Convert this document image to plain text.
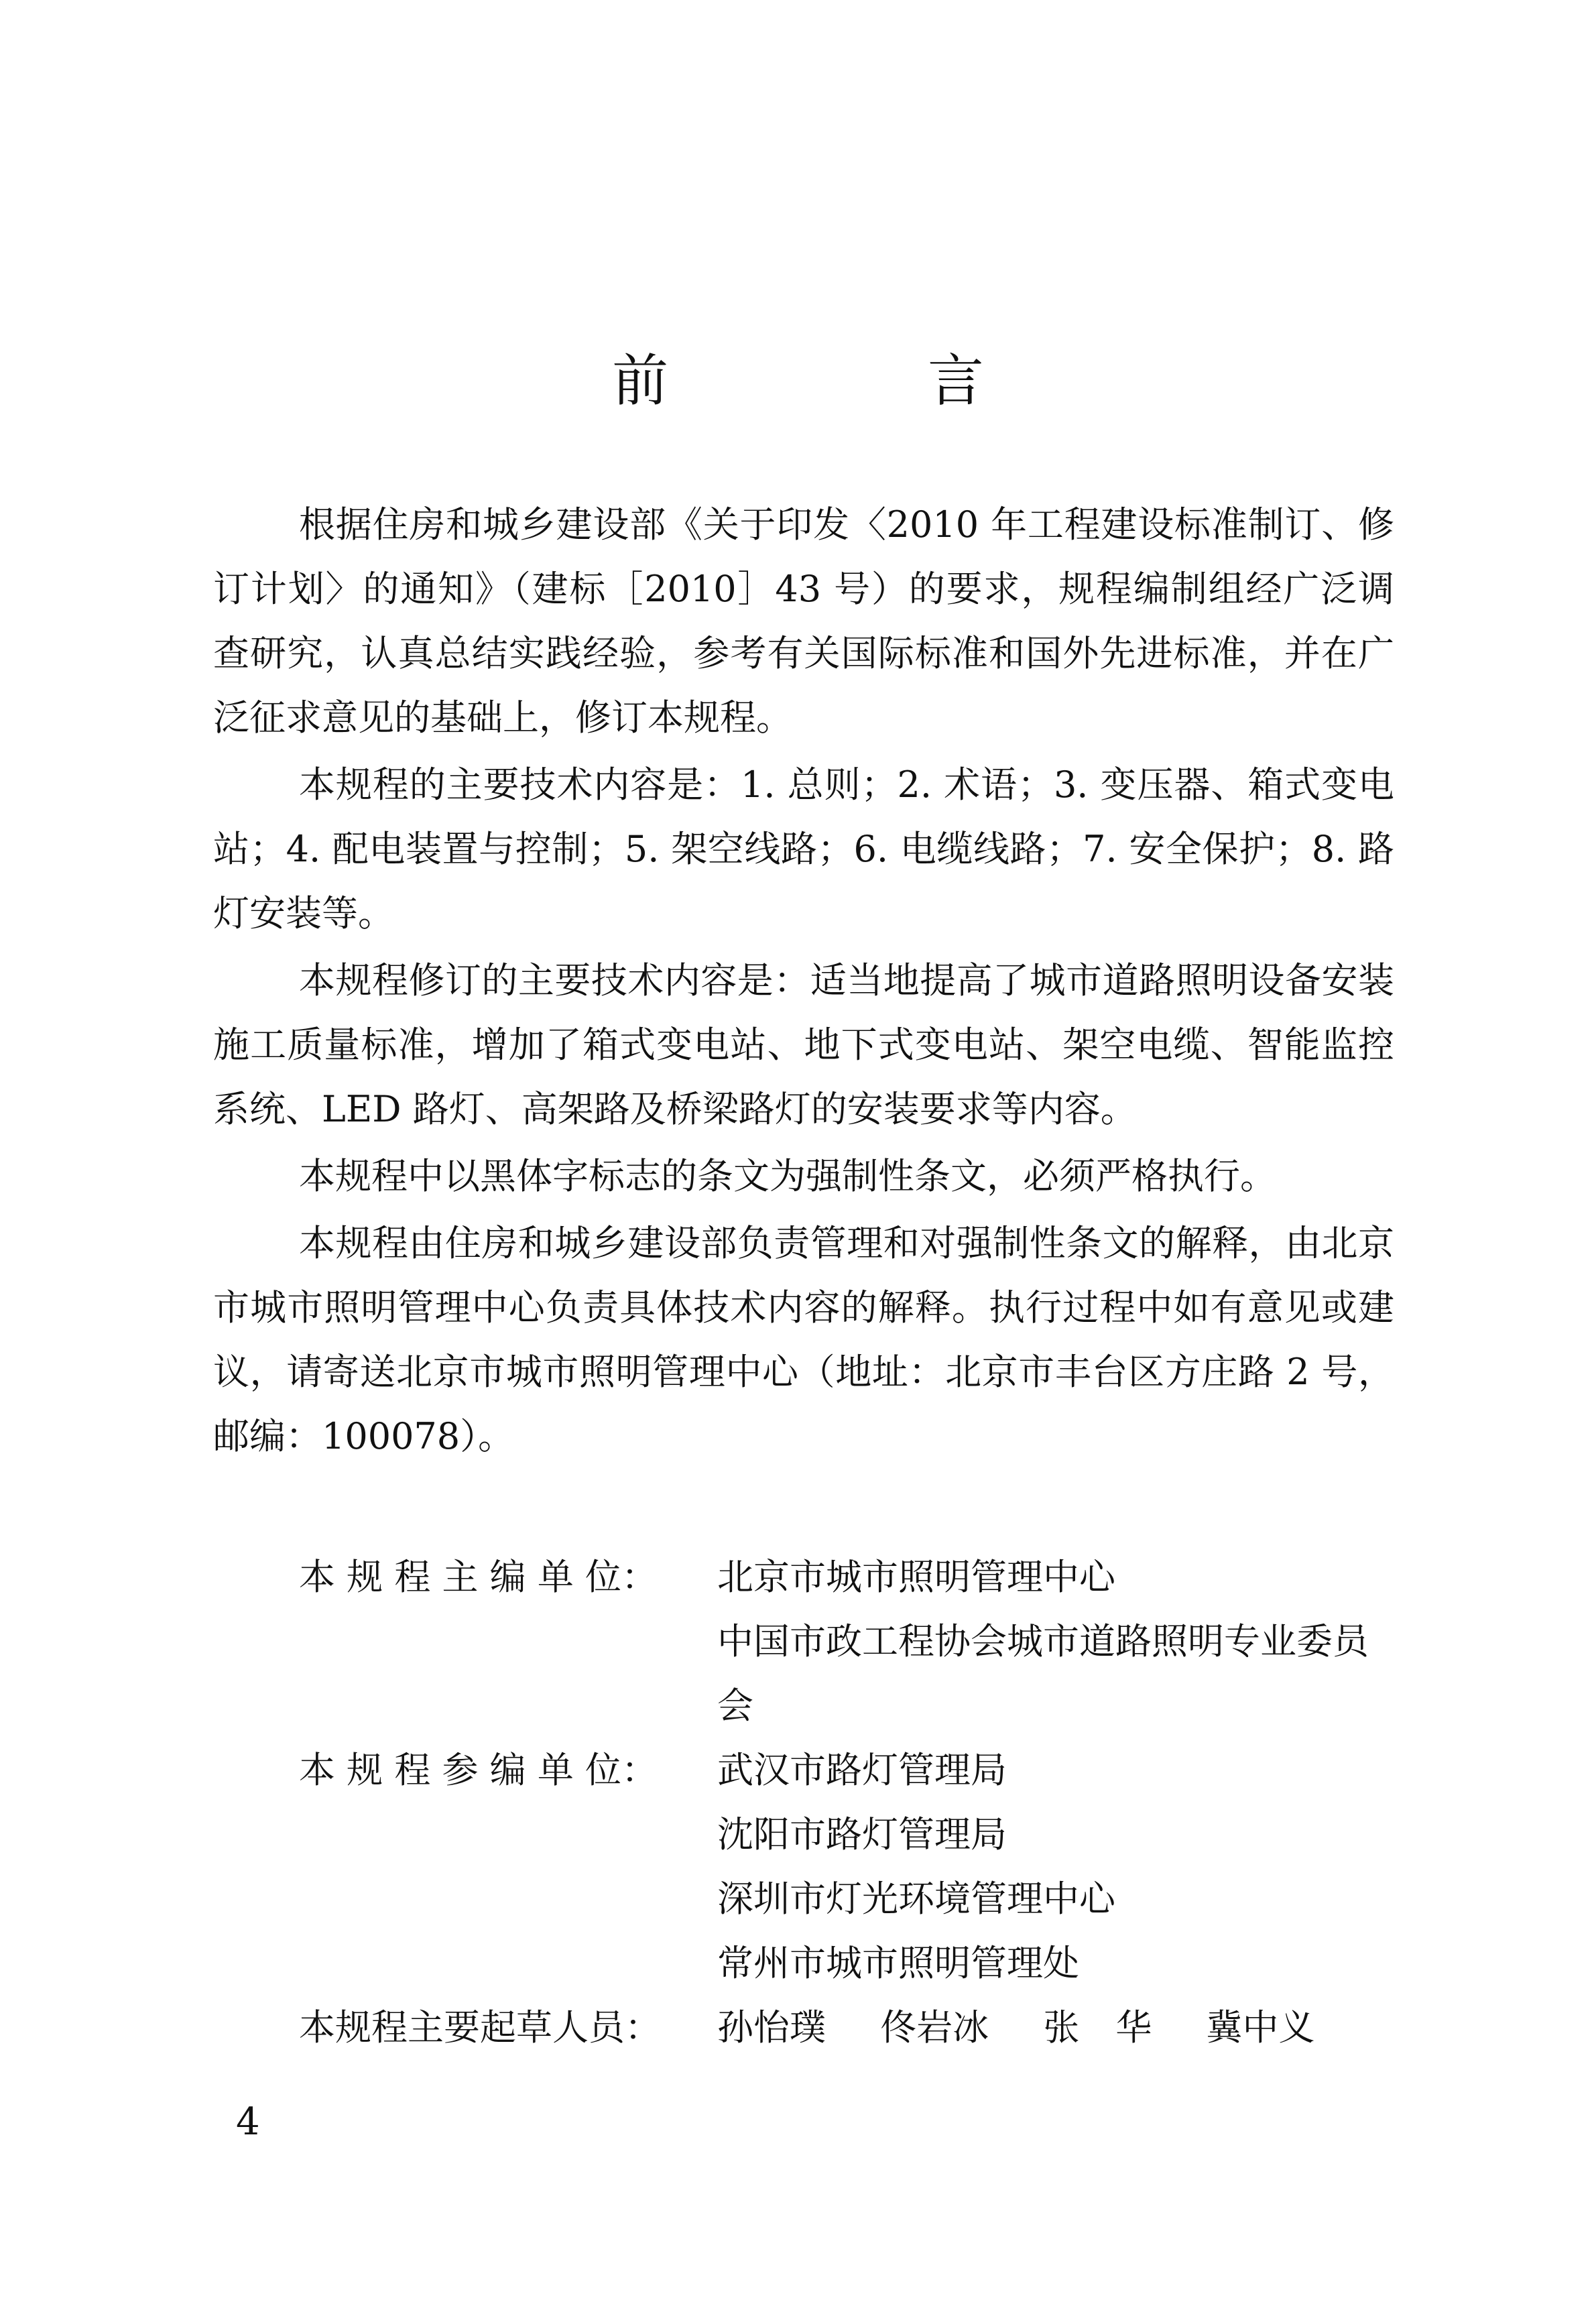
前 言

根据住房和城乡建设部《关于印发〈2010 年工程建设标准制订、修订计划〉的通知》（建标［2010］43 号）的要求，规程编制组经广泛调查研究，认真总结实践经验，参考有关国际标准和国外先进标准，并在广泛征求意见的基础上，修订本规程。

本规程的主要技术内容是：1. 总则；2. 术语；3. 变压器、箱式变电站；4. 配电装置与控制；5. 架空线路；6. 电缆线路；7. 安全保护；8. 路灯安装等。

本规程修订的主要技术内容是：适当地提高了城市道路照明设备安装施工质量标准，增加了箱式变电站、地下式变电站、架空电缆、智能监控系统、LED 路灯、高架路及桥梁路灯的安装要求等内容。

本规程中以黑体字标志的条文为强制性条文，必须严格执行。

本规程由住房和城乡建设部负责管理和对强制性条文的解释，由北京市城市照明管理中心负责具体技术内容的解释。执行过程中如有意见或建议，请寄送北京市城市照明管理中心（地址：北京市丰台区方庄路 2 号，邮编：100078）。

本 规 程 主 编 单 位：	北京市城市照明管理中心
中国市政工程协会城市道路照明专业委员会
本 规 程 参 编 单 位：	武汉市路灯管理局
沈阳市路灯管理局
深圳市灯光环境管理中心
常州市城市照明管理处
本规程主要起草人员：	孙怡璞 佟岩冰 张　华 冀中义
4
